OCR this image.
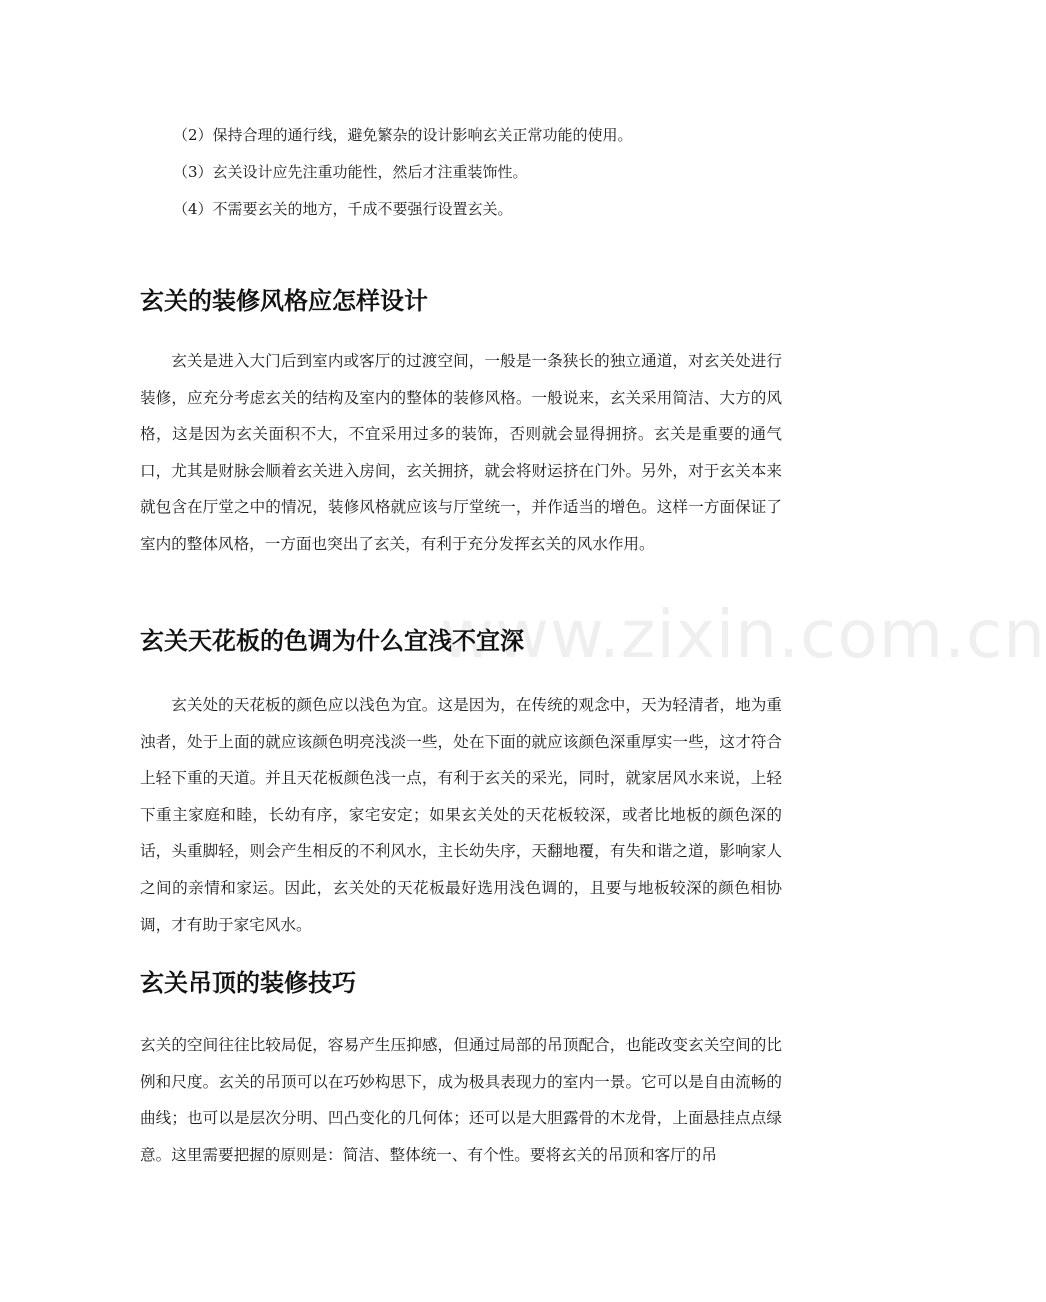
www.zixin.com.cn
（2）保持合理的通行线，避免繁杂的设计影响玄关正常功能的使用。
（3）玄关设计应先注重功能性，然后才注重装饰性。
（4）不需要玄关的地方，千成不要强行设置玄关。
玄关的装修风格应怎样设计
玄关是进入大门后到室内或客厅的过渡空间，一般是一条狭长的独立通道，对玄关处进行装修，应充分考虑玄关的结构及室内的整体的装修风格。一般说来，玄关采用简洁、大方的风格，这是因为玄关面积不大，不宜采用过多的装饰，否则就会显得拥挤。玄关是重要的通气口，尤其是财脉会顺着玄关进入房间，玄关拥挤，就会将财运挤在门外。另外，对于玄关本来就包含在厅堂之中的情况，装修风格就应该与厅堂统一，并作适当的增色。这样一方面保证了室内的整体风格，一方面也突出了玄关，有利于充分发挥玄关的风水作用。
玄关天花板的色调为什么宜浅不宜深
玄关处的天花板的颜色应以浅色为宜。这是因为，在传统的观念中，天为轻清者，地为重浊者，处于上面的就应该颜色明亮浅淡一些，处在下面的就应该颜色深重厚实一些，这才符合上轻下重的天道。并且天花板颜色浅一点，有利于玄关的采光，同时，就家居风水来说，上轻下重主家庭和睦，长幼有序，家宅安定；如果玄关处的天花板较深，或者比地板的颜色深的话，头重脚轻，则会产生相反的不利风水，主长幼失序，天翻地覆，有失和谐之道，影响家人之间的亲情和家运。因此，玄关处的天花板最好选用浅色调的，且要与地板较深的颜色相协调，才有助于家宅风水。
玄关吊顶的装修技巧
玄关的空间往往比较局促，容易产生压抑感，但通过局部的吊顶配合，也能改变玄关空间的比例和尺度。玄关的吊顶可以在巧妙构思下，成为极具表现力的室内一景。它可以是自由流畅的曲线；也可以是层次分明、凹凸变化的几何体；还可以是大胆露骨的木龙骨，上面悬挂点点绿意。这里需要把握的原则是：简洁、整体统一、有个性。要将玄关的吊顶和客厅的吊
